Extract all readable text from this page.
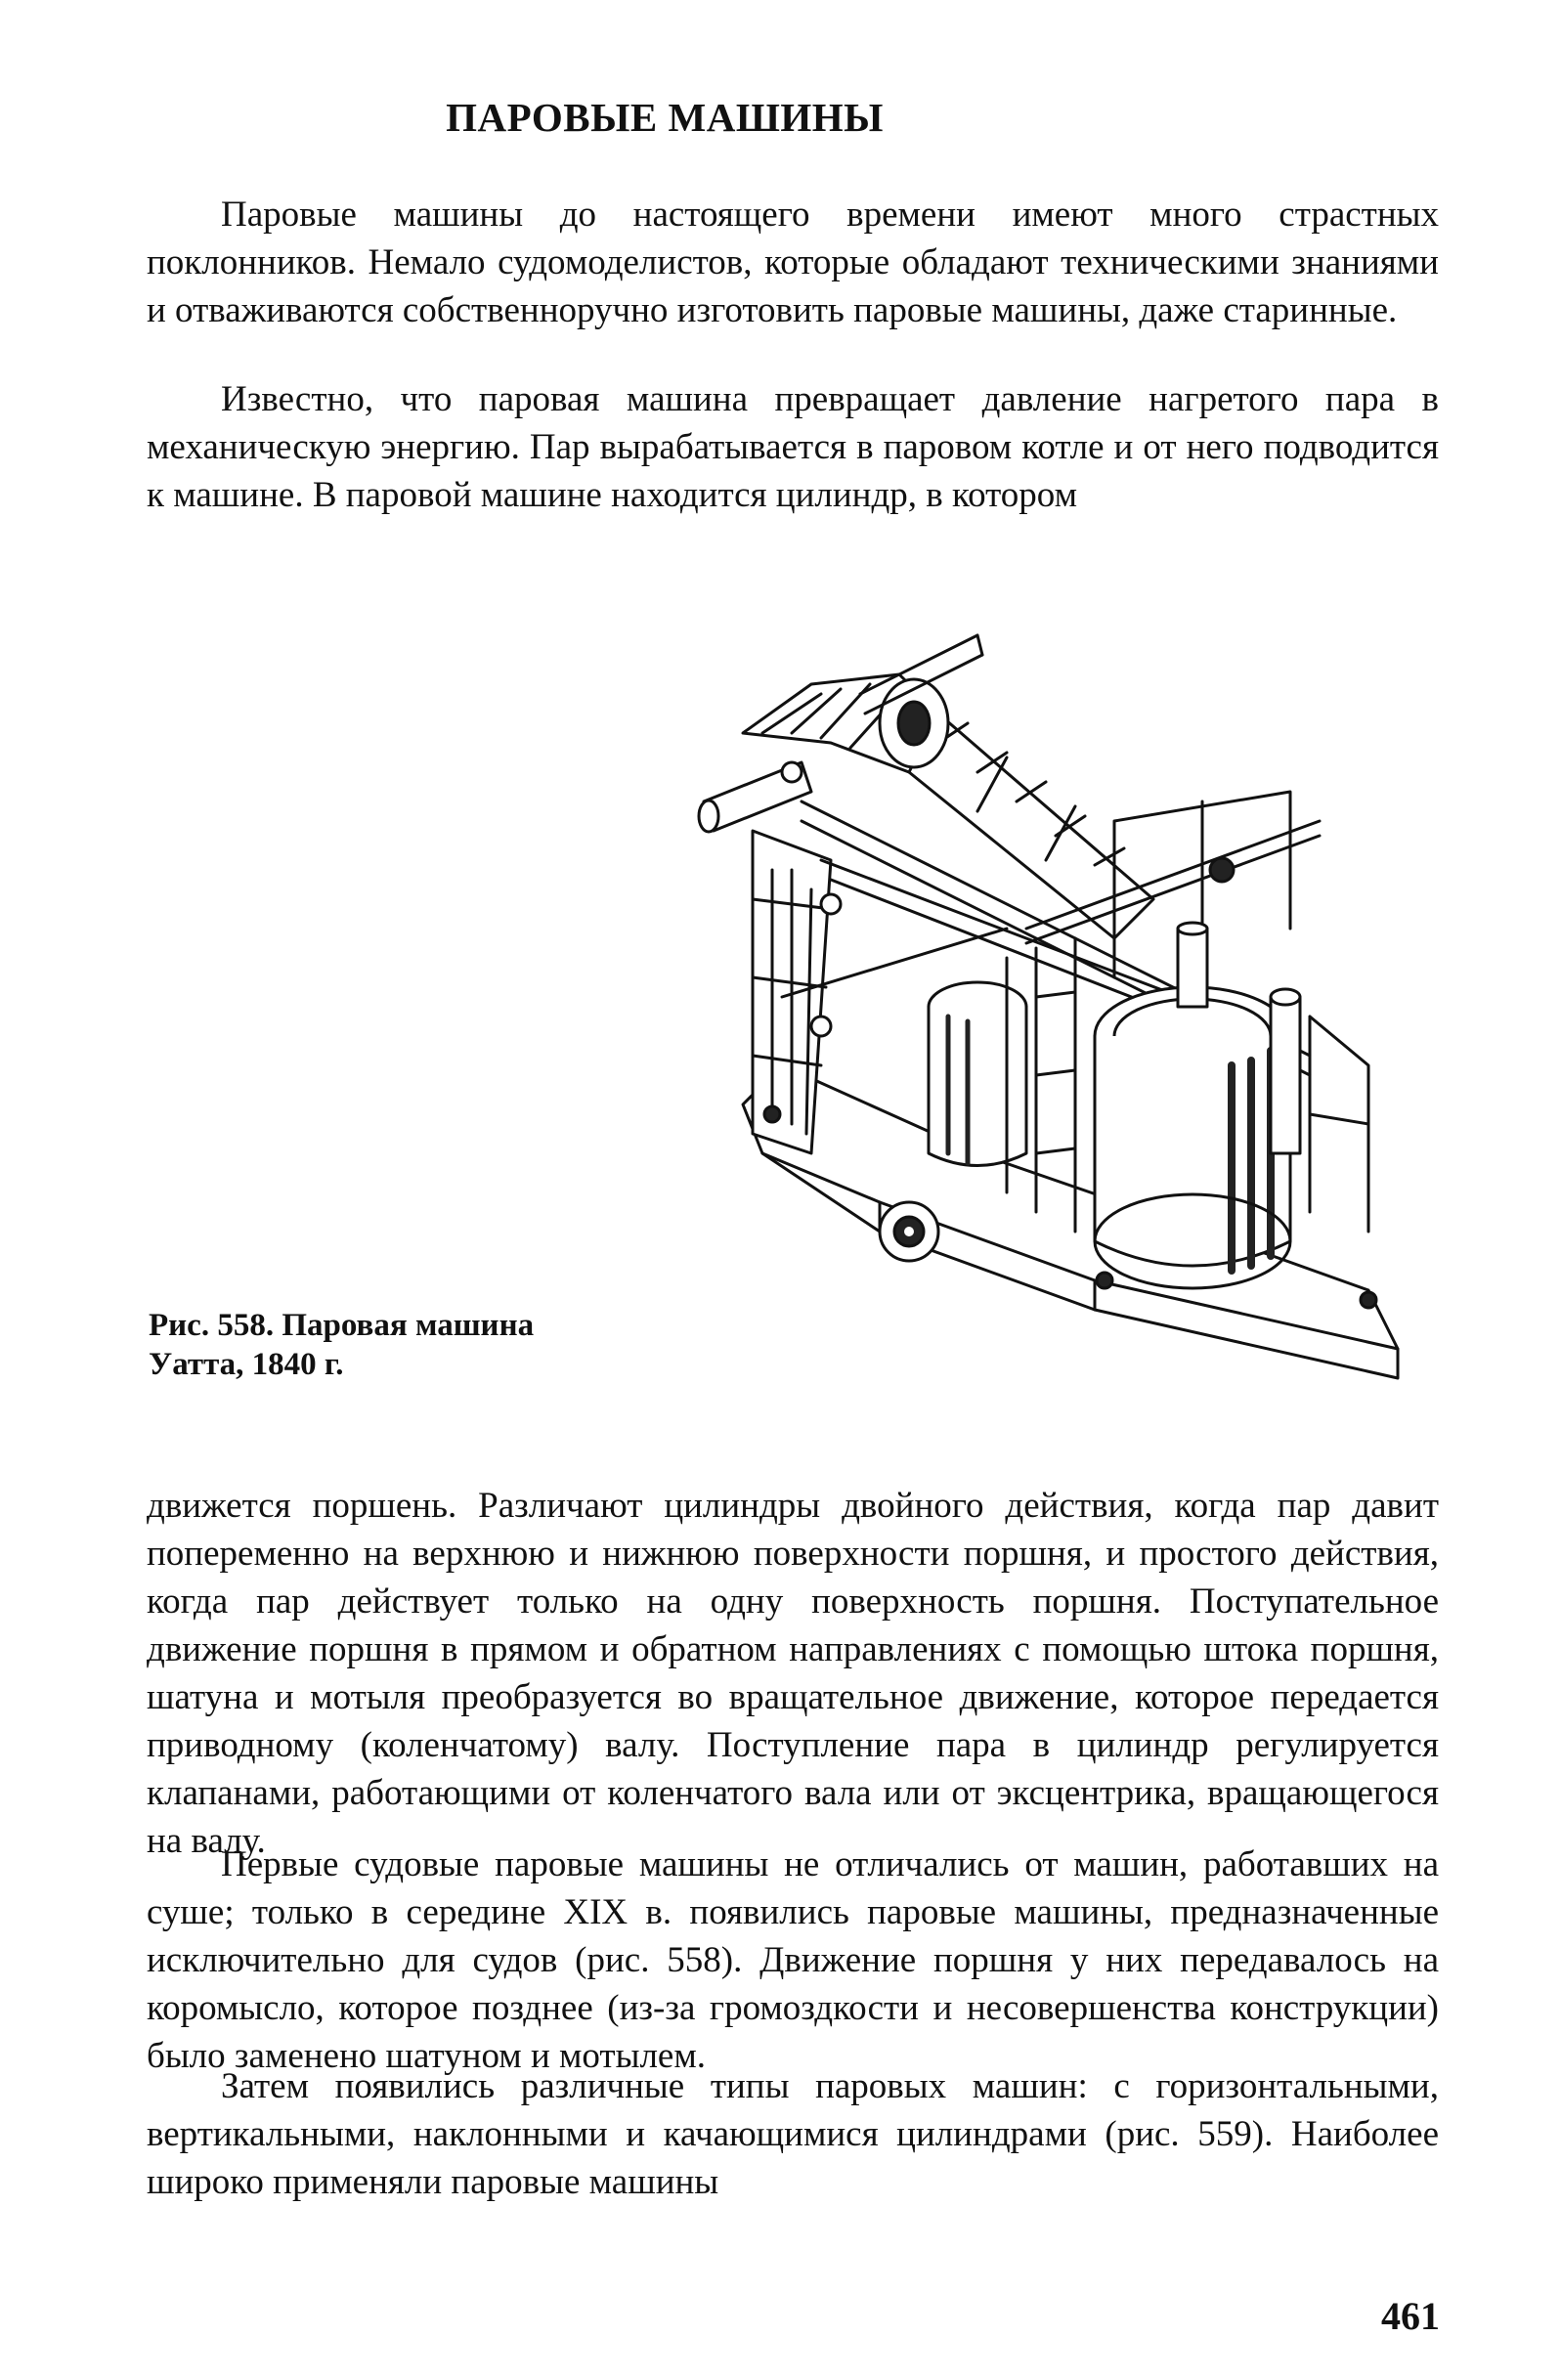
ПАРОВЫЕ МАШИНЫ

Паровые машины до настоящего времени имеют много страстных поклонников. Немало судомоделистов, которые обладают техническими знаниями и отваживаются собственноручно изготовить паровые машины, даже старинные.

Известно, что паровая машина превращает давление нагретого пара в механическую энергию. Пар вырабатывается в паровом котле и от него подводится к машине. В паровой машине находится цилиндр, в котором

Рис. 558. Паровая машина Уатта, 1840 г.

движется поршень. Различают цилиндры двойного действия, когда пар давит попеременно на верхнюю и нижнюю поверхности поршня, и простого действия, когда пар действует только на одну поверхность поршня. Поступательное движение поршня в прямом и обратном направлениях с помощью штока поршня, шатуна и мотыля преобразуется во вращательное движение, которое передается приводному (коленчатому) валу. Поступление пара в цилиндр регулируется клапанами, работающими от коленчатого вала или от эксцентрика, вращающегося на валу.

Первые судовые паровые машины не отличались от машин, работавших на суше; только в середине XIX в. появились паровые машины, предназначенные исключительно для судов (рис. 558). Движение поршня у них передавалось на коромысло, которое позднее (из-за громоздкости и несовершенства конструкции) было заменено шатуном и мотылем.

Затем появились различные типы паровых машин: с горизонтальными, вертикальными, наклонными и качающимися цилиндрами (рис. 559). Наиболее широко применяли паровые машины

461
